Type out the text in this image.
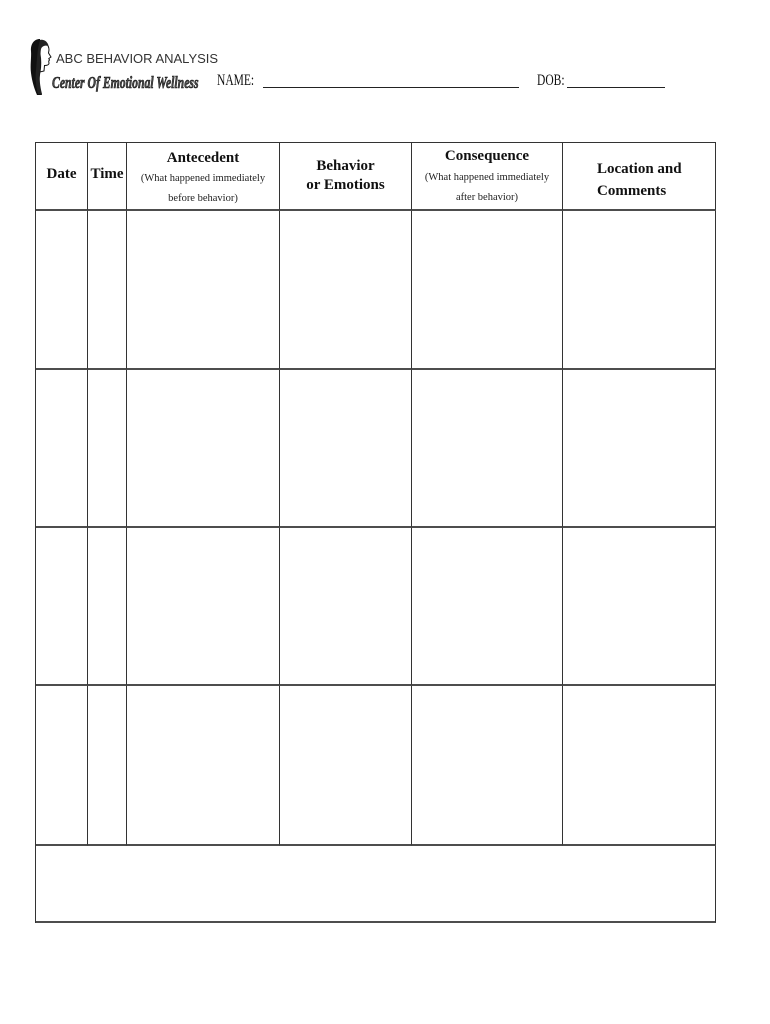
ABC BEHAVIOR ANALYSIS
Center Of Emotional Wellness NAME:	DOB:
Date Time
Antecedent
(What happened immediately
before behavior)
Behavior
or Emotions
Consequence
(What happened immediately
after behavior)
Location and
Comments
